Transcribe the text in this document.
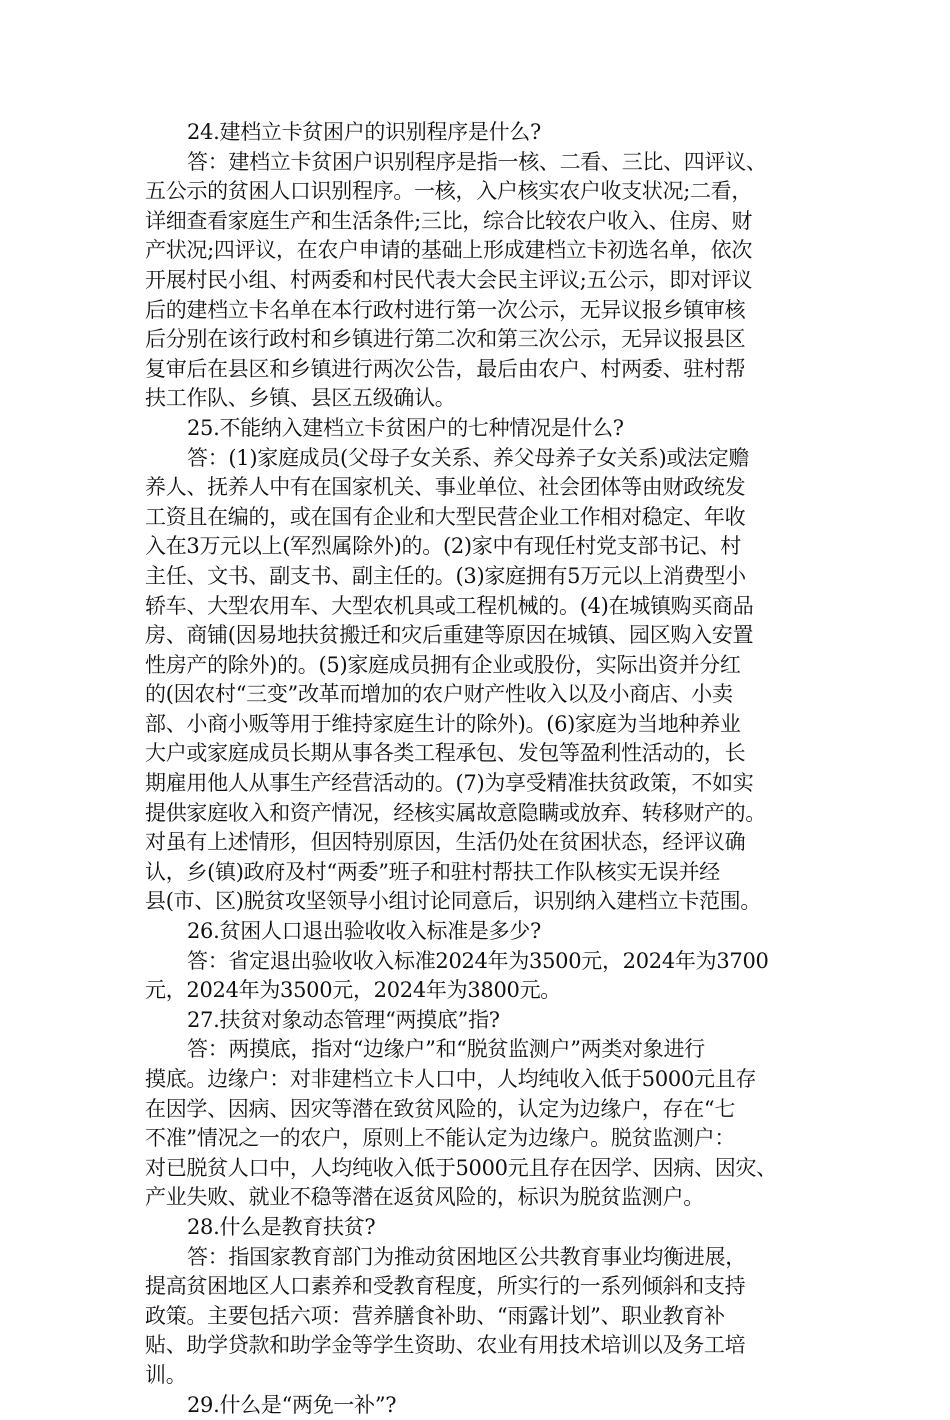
24.建档立卡贫困户的识别程序是什么?
答：建档立卡贫困户识别程序是指一核、二看、三比、四评议、
五公示的贫困人口识别程序。一核，入户核实农户收支状况;二看，
详细查看家庭生产和生活条件;三比，综合比较农户收入、住房、财
产状况;四评议，在农户申请的基础上形成建档立卡初选名单，依次
开展村民小组、村两委和村民代表大会民主评议;五公示，即对评议
后的建档立卡名单在本行政村进行第一次公示，无异议报乡镇审核
后分别在该行政村和乡镇进行第二次和第三次公示，无异议报县区
复审后在县区和乡镇进行两次公告，最后由农户、村两委、驻村帮
扶工作队、乡镇、县区五级确认。
25.不能纳入建档立卡贫困户的七种情况是什么?
答：(1)家庭成员(父母子女关系、养父母养子女关系)或法定赡
养人、抚养人中有在国家机关、事业单位、社会团体等由财政统发
工资且在编的，或在国有企业和大型民营企业工作相对稳定、年收
入在3万元以上(军烈属除外)的。(2)家中有现任村党支部书记、村
主任、文书、副支书、副主任的。(3)家庭拥有5万元以上消费型小
轿车、大型农用车、大型农机具或工程机械的。(4)在城镇购买商品
房、商铺(因易地扶贫搬迁和灾后重建等原因在城镇、园区购入安置
性房产的除外)的。(5)家庭成员拥有企业或股份，实际出资并分红
的(因农村“三变”改革而增加的农户财产性收入以及小商店、小卖
部、小商小贩等用于维持家庭生计的除外)。(6)家庭为当地种养业
大户或家庭成员长期从事各类工程承包、发包等盈利性活动的，长
期雇用他人从事生产经营活动的。(7)为享受精准扶贫政策，不如实
提供家庭收入和资产情况，经核实属故意隐瞒或放弃、转移财产的。
对虽有上述情形，但因特别原因，生活仍处在贫困状态，经评议确
认，乡(镇)政府及村“两委”班子和驻村帮扶工作队核实无误并经
县(市、区)脱贫攻坚领导小组讨论同意后，识别纳入建档立卡范围。
26.贫困人口退出验收收入标准是多少?
答：省定退出验收收入标准2024年为3500元，2024年为3700
元，2024年为3500元，2024年为3800元。
27.扶贫对象动态管理“两摸底”指?
答：两摸底，指对“边缘户”和“脱贫监测户”两类对象进行
摸底。边缘户：对非建档立卡人口中，人均纯收入低于5000元且存
在因学、因病、因灾等潜在致贫风险的，认定为边缘户，存在“七
不准”情况之一的农户，原则上不能认定为边缘户。脱贫监测户：
对已脱贫人口中，人均纯收入低于5000元且存在因学、因病、因灾、
产业失败、就业不稳等潜在返贫风险的，标识为脱贫监测户。
28.什么是教育扶贫?
答：指国家教育部门为推动贫困地区公共教育事业均衡进展，
提高贫困地区人口素养和受教育程度，所实行的一系列倾斜和支持
政策。主要包括六项：营养膳食补助、“雨露计划”、职业教育补
贴、助学贷款和助学金等学生资助、农业有用技术培训以及务工培
训。
29.什么是“两免一补”?
